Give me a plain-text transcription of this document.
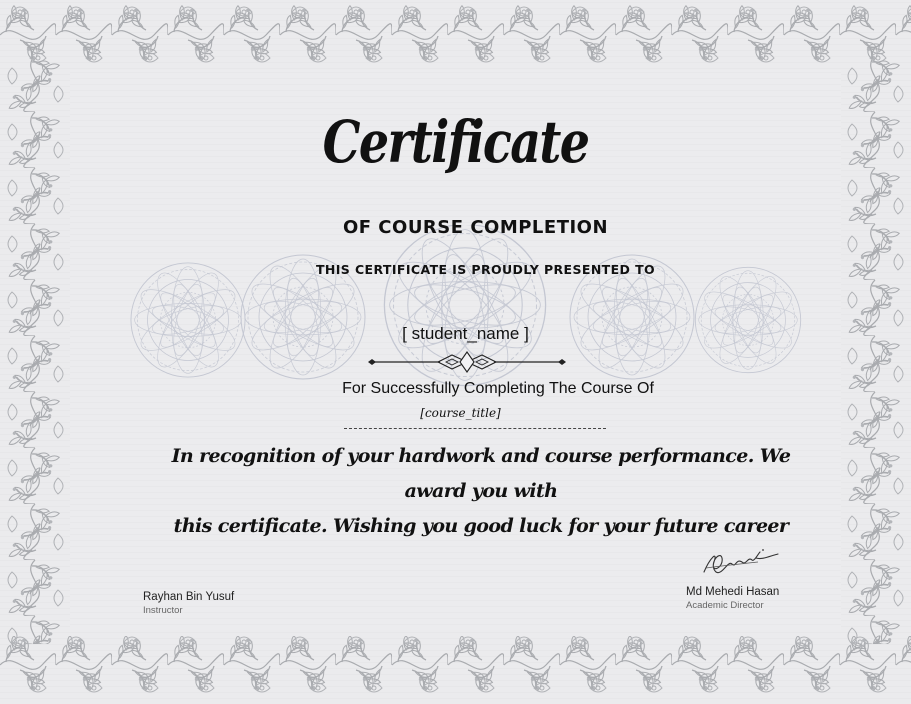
Certificate
OF COURSE COMPLETION
THIS CERTIFICATE IS PROUDLY PRESENTED TO
[ student_name ]
For Successfully Completing The Course Of
[course_title]
In recognition of your hardwork and course performance. We award you with
this certificate. Wishing you good luck for your future career
Rayhan Bin Yusuf
Instructor
Md Mehedi Hasan
Academic Director
